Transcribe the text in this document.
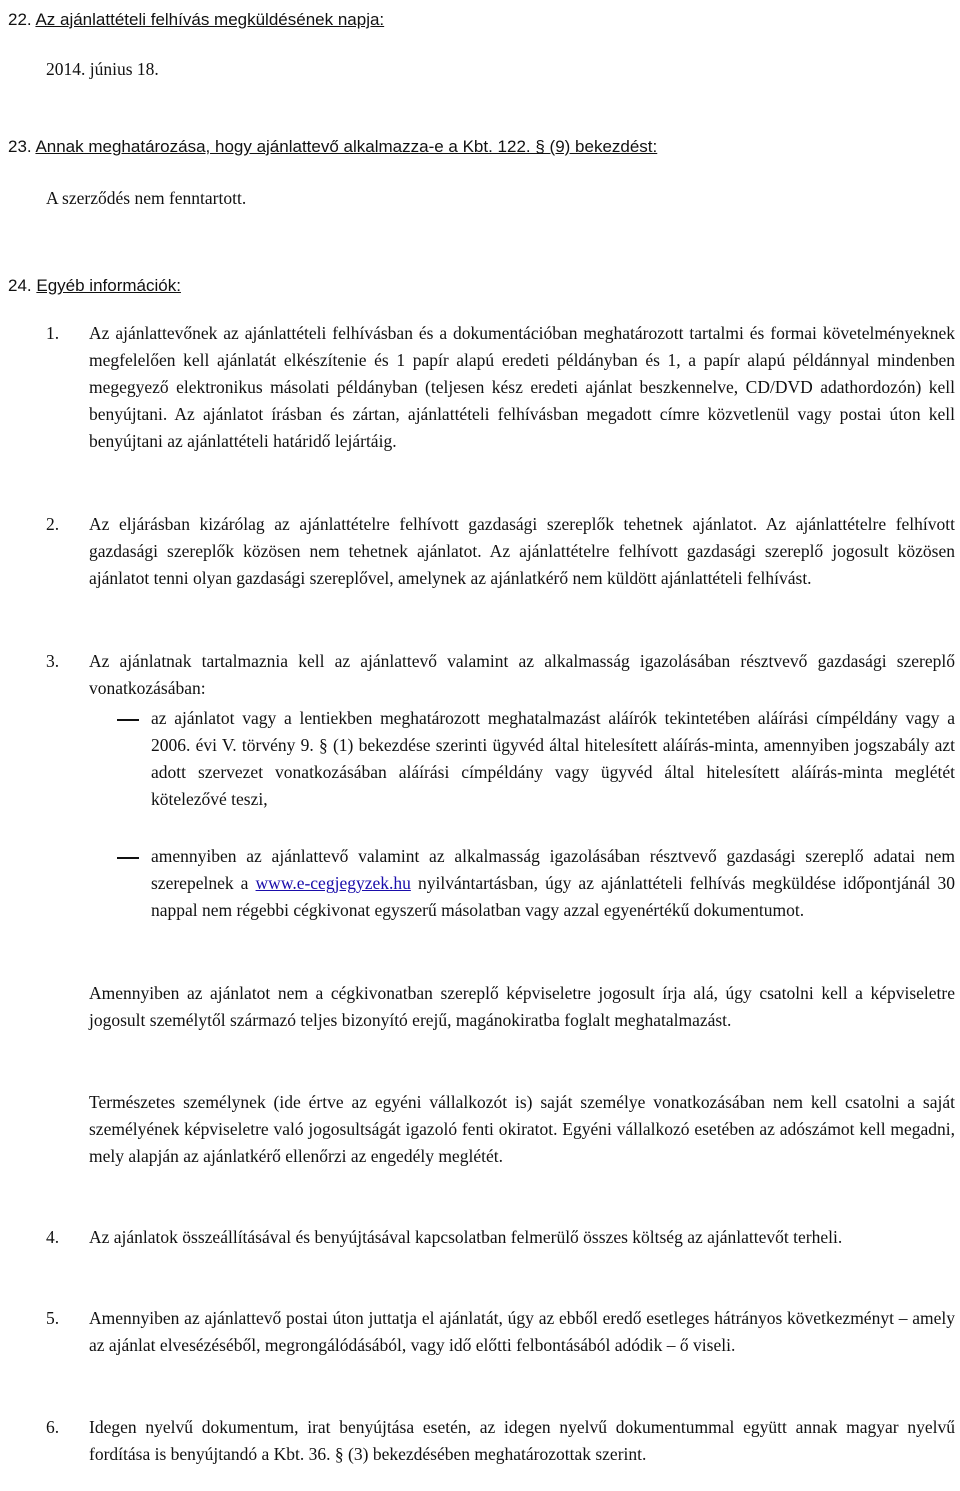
22. Az ajánlattételi felhívás megküldésének napja:
2014. június 18.
23. Annak meghatározása, hogy ajánlattevő alkalmazza-e a Kbt. 122. § (9) bekezdést:
A szerződés nem fenntartott.
24. Egyéb információk:
1. Az ajánlattevőnek az ajánlattételi felhívásban és a dokumentációban meghatározott tartalmi és formai követelményeknek megfelelően kell ajánlatát elkészítenie és 1 papír alapú eredeti példányban és 1, a papír alapú példánnyal mindenben megegyező elektronikus másolati példányban (teljesen kész eredeti ajánlat beszkennelve, CD/DVD adathordozón) kell benyújtani. Az ajánlatot írásban és zártan, ajánlattételi felhívásban megadott címre közvetlenül vagy postai úton kell benyújtani az ajánlattételi határidő lejártáig.
2. Az eljárásban kizárólag az ajánlattételre felhívott gazdasági szereplők tehetnek ajánlatot. Az ajánlattételre felhívott gazdasági szereplők közösen nem tehetnek ajánlatot. Az ajánlattételre felhívott gazdasági szereplő jogosult közösen ajánlatot tenni olyan gazdasági szereplővel, amelynek az ajánlatkérő nem küldött ajánlattételi felhívást.
3. Az ajánlatnak tartalmaznia kell az ajánlattevő valamint az alkalmasság igazolásában résztvevő gazdasági szereplő vonatkozásában:
az ajánlatot vagy a lentiekben meghatározott meghatalmazást aláírók tekintetében aláírási címpéldány vagy a 2006. évi V. törvény 9. § (1) bekezdése szerinti ügyvéd által hitelesített aláírás-minta, amennyiben jogszabály azt adott szervezet vonatkozásában aláírási címpéldány vagy ügyvéd által hitelesített aláírás-minta meglétét kötelezővé teszi,
amennyiben az ajánlattevő valamint az alkalmasság igazolásában résztvevő gazdasági szereplő adatai nem szerepelnek a www.e-cegjegyzek.hu nyilvántartásban, úgy az ajánlattételi felhívás megküldése időpontjánál 30 nappal nem régebbi cégkivonat egyszerű másolatban vagy azzal egyenértékű dokumentumot.
Amennyiben az ajánlatot nem a cégkivonatban szereplő képviseletre jogosult írja alá, úgy csatolni kell a képviseletre jogosult személytől származó teljes bizonyító erejű, magánokiratba foglalt meghatalmazást.
Természetes személynek (ide értve az egyéni vállalkozót is) saját személye vonatkozásában nem kell csatolni a saját személyének képviseletre való jogosultságát igazoló fenti okiratot. Egyéni vállalkozó esetében az adószámot kell megadni, mely alapján az ajánlatkérő ellenőrzi az engedély meglétét.
4. Az ajánlatok összeállításával és benyújtásával kapcsolatban felmerülő összes költség az ajánlattevőt terheli.
5. Amennyiben az ajánlattevő postai úton juttatja el ajánlatát, úgy az ebből eredő esetleges hátrányos következményt – amely az ajánlat elvesézéséből, megrongálódásából, vagy idő előtti felbontásából adódik – ő viseli.
6. Idegen nyelvű dokumentum, irat benyújtása esetén, az idegen nyelvű dokumentummal együtt annak magyar nyelvű fordítása is benyújtandó a Kbt. 36. § (3) bekezdésében meghatározottak szerint.
